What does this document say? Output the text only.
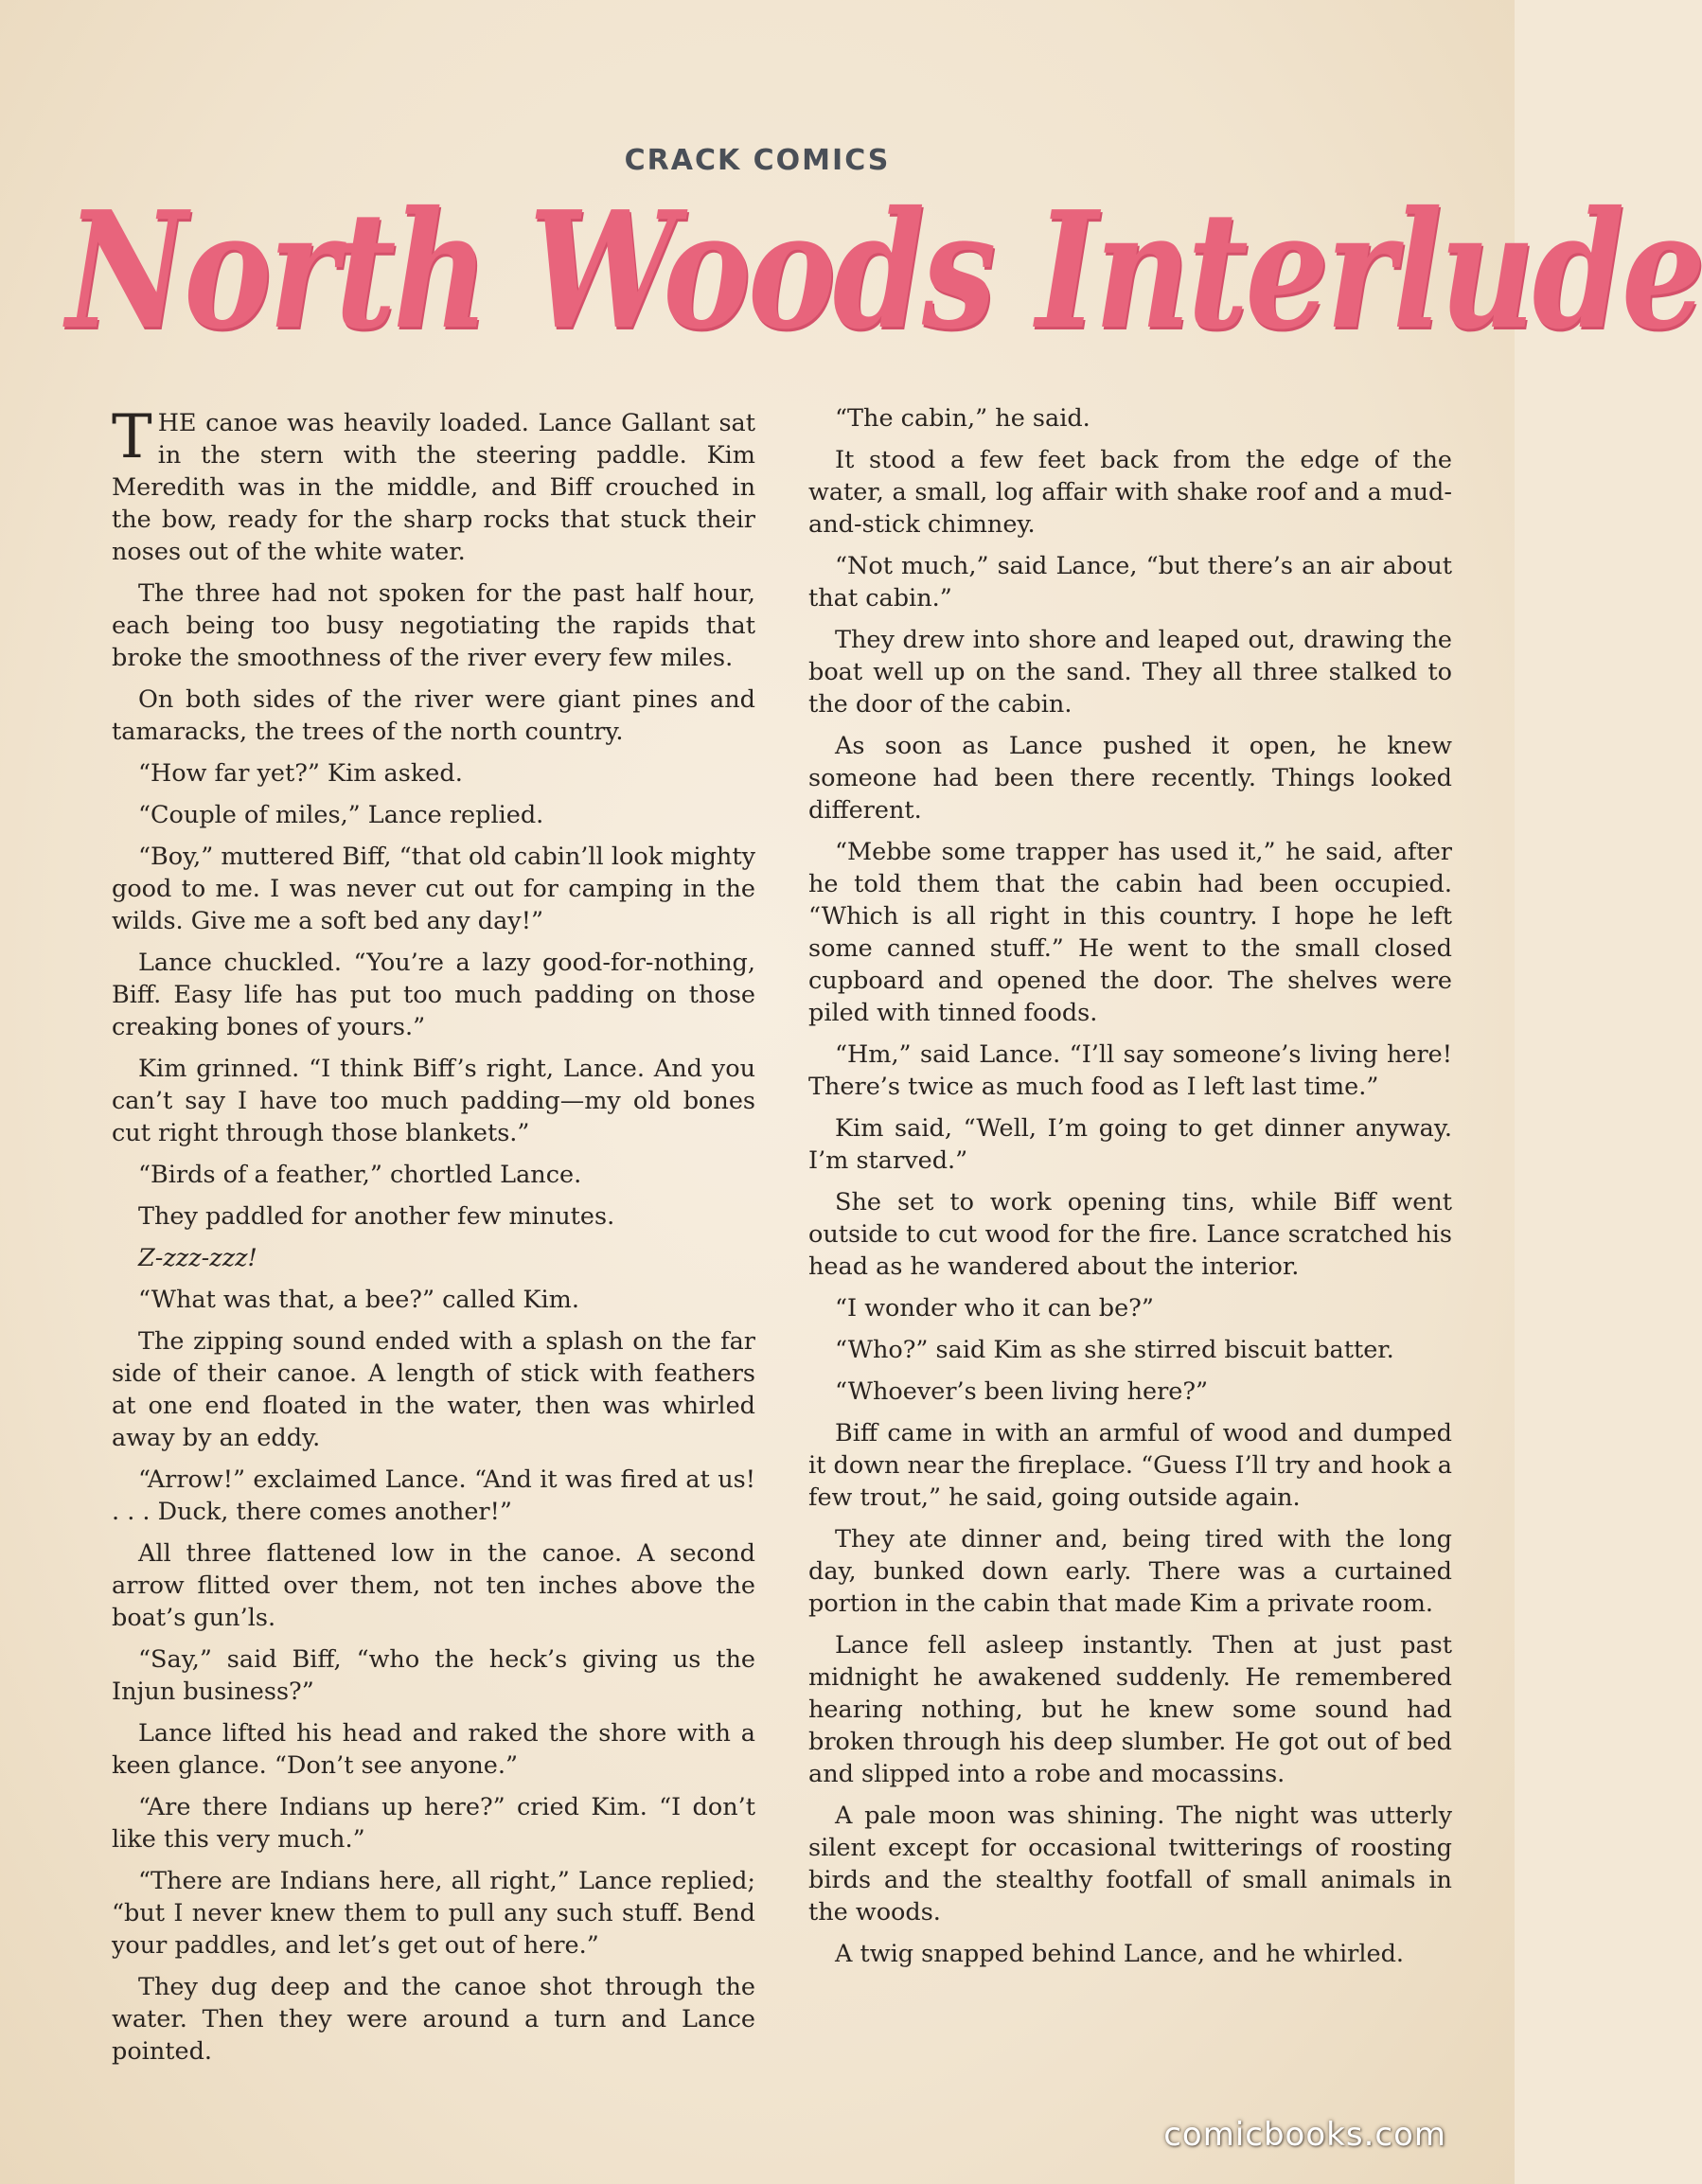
CRACK COMICS
North Woods Interlude

THE canoe was heavily loaded. Lance Gallant sat in the stern with the steering paddle. Kim Meredith was in the middle, and Biff crouched in the bow, ready for the sharp rocks that stuck their noses out of the white water.

The three had not spoken for the past half hour, each being too busy negotiating the rapids that broke the smoothness of the river every few miles.

On both sides of the river were giant pines and tamaracks, the trees of the north country.

“How far yet?” Kim asked.

“Couple of miles,” Lance replied.

“Boy,” muttered Biff, “that old cabin’ll look mighty good to me. I was never cut out for camping in the wilds. Give me a soft bed any day!”

Lance chuckled. “You’re a lazy good-for-nothing, Biff. Easy life has put too much padding on those creaking bones of yours.”

Kim grinned. “I think Biff’s right, Lance. And you can’t say I have too much padding—my old bones cut right through those blankets.”

“Birds of a feather,” chortled Lance.

They paddled for another few minutes.

Z-zzz-zzz!

“What was that, a bee?” called Kim.

The zipping sound ended with a splash on the far side of their canoe. A length of stick with feathers at one end floated in the water, then was whirled away by an eddy.

“Arrow!” exclaimed Lance. “And it was fired at us! . . . Duck, there comes another!”

All three flattened low in the canoe. A second arrow flitted over them, not ten inches above the boat’s gun’ls.

“Say,” said Biff, “who the heck’s giving us the Injun business?”

Lance lifted his head and raked the shore with a keen glance. “Don’t see anyone.”

“Are there Indians up here?” cried Kim. “I don’t like this very much.”

“There are Indians here, all right,” Lance replied; “but I never knew them to pull any such stuff. Bend your paddles, and let’s get out of here.”

They dug deep and the canoe shot through the water. Then they were around a turn and Lance pointed.

“The cabin,” he said.

It stood a few feet back from the edge of the water, a small, log affair with shake roof and a mud-and-stick chimney.

“Not much,” said Lance, “but there’s an air about that cabin.”

They drew into shore and leaped out, drawing the boat well up on the sand. They all three stalked to the door of the cabin.

As soon as Lance pushed it open, he knew someone had been there recently. Things looked different.

“Mebbe some trapper has used it,” he said, after he told them that the cabin had been occupied. “Which is all right in this country. I hope he left some canned stuff.” He went to the small closed cupboard and opened the door. The shelves were piled with tinned foods.

“Hm,” said Lance. “I’ll say someone’s living here! There’s twice as much food as I left last time.”

Kim said, “Well, I’m going to get dinner anyway. I’m starved.”

She set to work opening tins, while Biff went outside to cut wood for the fire. Lance scratched his head as he wandered about the interior.

“I wonder who it can be?”

“Who?” said Kim as she stirred biscuit batter.

“Whoever’s been living here?”

Biff came in with an armful of wood and dumped it down near the fireplace. “Guess I’ll try and hook a few trout,” he said, going outside again.

They ate dinner and, being tired with the long day, bunked down early. There was a curtained portion in the cabin that made Kim a private room.

Lance fell asleep instantly. Then at just past midnight he awakened suddenly. He remembered hearing nothing, but he knew some sound had broken through his deep slumber. He got out of bed and slipped into a robe and mocassins.

A pale moon was shining. The night was utterly silent except for occasional twitterings of roosting birds and the stealthy footfall of small animals in the woods.

A twig snapped behind Lance, and he whirled.

comicbooks.com
